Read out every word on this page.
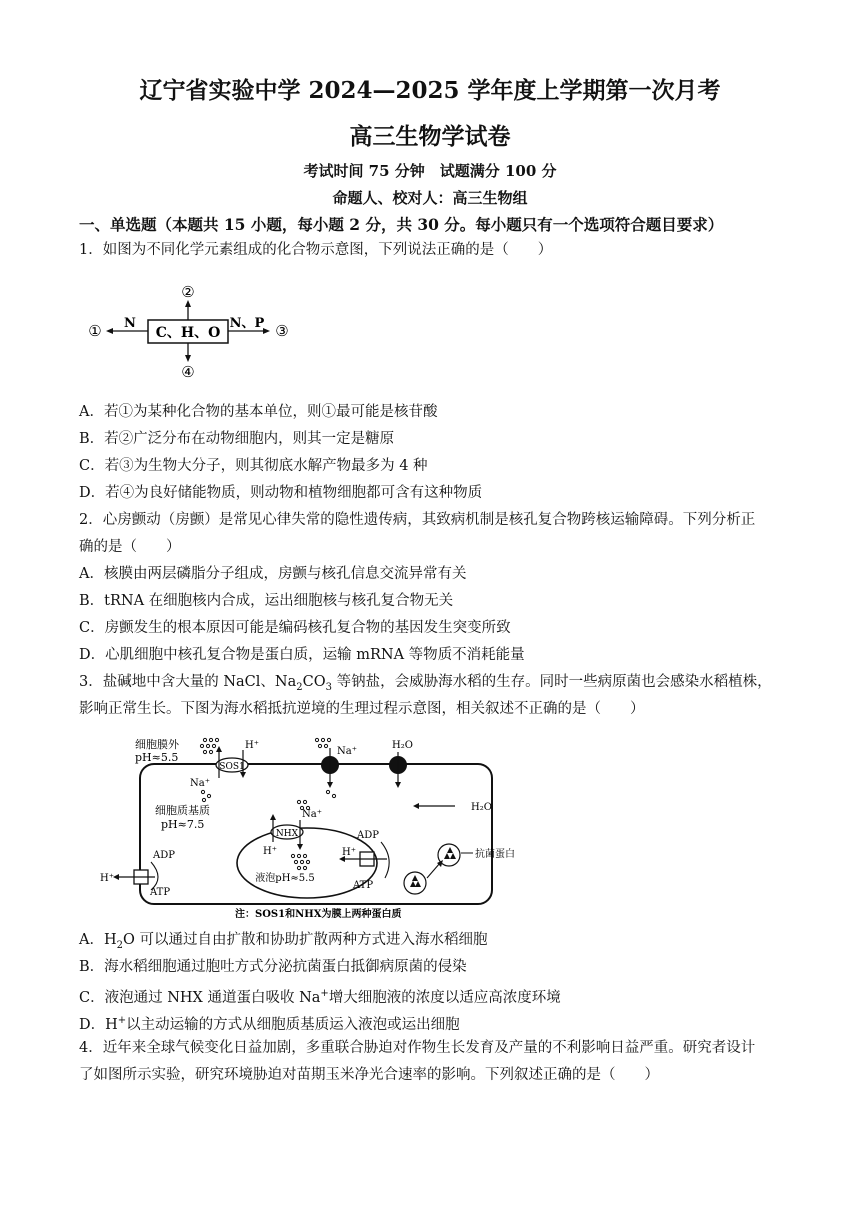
辽宁省实验中学 2024—2025 学年度上学期第一次月考
高三生物学试卷
考试时间 75 分钟　试题满分 100 分
命题人、校对人：高三生物组
一、单选题（本题共 15 小题，每小题 2 分，共 30 分。每小题只有一个选项符合题目要求）
1．如图为不同化学元素组成的化合物示意图，下列说法正确的是（　　）
C、H、O
N
①
②
N、P ③
④
A．若①为某种化合物的基本单位，则①最可能是核苷酸
B．若②广泛分布在动物细胞内，则其一定是糖原
C．若③为生物大分子，则其彻底水解产物最多为 4 种
D．若④为良好储能物质，则动物和植物细胞都可含有这种物质
2．心房颤动（房颤）是常见心律失常的隐性遗传病，其致病机制是核孔复合物跨核运输障碍。下列分析正
确的是（　　）
A．核膜由两层磷脂分子组成，房颤与核孔信息交流异常有关
B．tRNA 在细胞核内合成，运出细胞核与核孔复合物无关
C．房颤发生的根本原因可能是编码核孔复合物的基因发生突变所致
D．心肌细胞中核孔复合物是蛋白质，运输 mRNA 等物质不消耗能量
3．盐碱地中含大量的 NaCl、$Na_2CO_3$ 等钠盐，会威胁海水稻的生存。同时一些病原菌也会感染水稻植株，
影响正常生长。下图为海水稻抵抗逆境的生理过程示意图，相关叙述不正确的是（　　）
细胞膜外
pH≈5.5
SOS1
H⁺
Na⁺
Na⁺
H₂O
H₂O
细胞质基质
pH≈7.5
液泡pH≈5.5
NHX
Na⁺
H⁺	H⁺
ADP
ATP
H⁺
ADP
ATP
抗菌蛋白
注：SOS1和NHX为膜上两种蛋白质
A．$H_2O$ 可以通过自由扩散和协助扩散两种方式进入海水稻细胞
B．海水稻细胞通过胞吐方式分泌抗菌蛋白抵御病原菌的侵染
C．液泡通过 NHX 通道蛋白吸收 Na+增大细胞液的浓度以适应高浓度环境
D．H+以主动运输的方式从细胞质基质运入液泡或运出细胞
4．近年来全球气候变化日益加剧，多重联合胁迫对作物生长发育及产量的不利影响日益严重。研究者设计
了如图所示实验，研究环境胁迫对苗期玉米净光合速率的影响。下列叙述正确的是（　　）
